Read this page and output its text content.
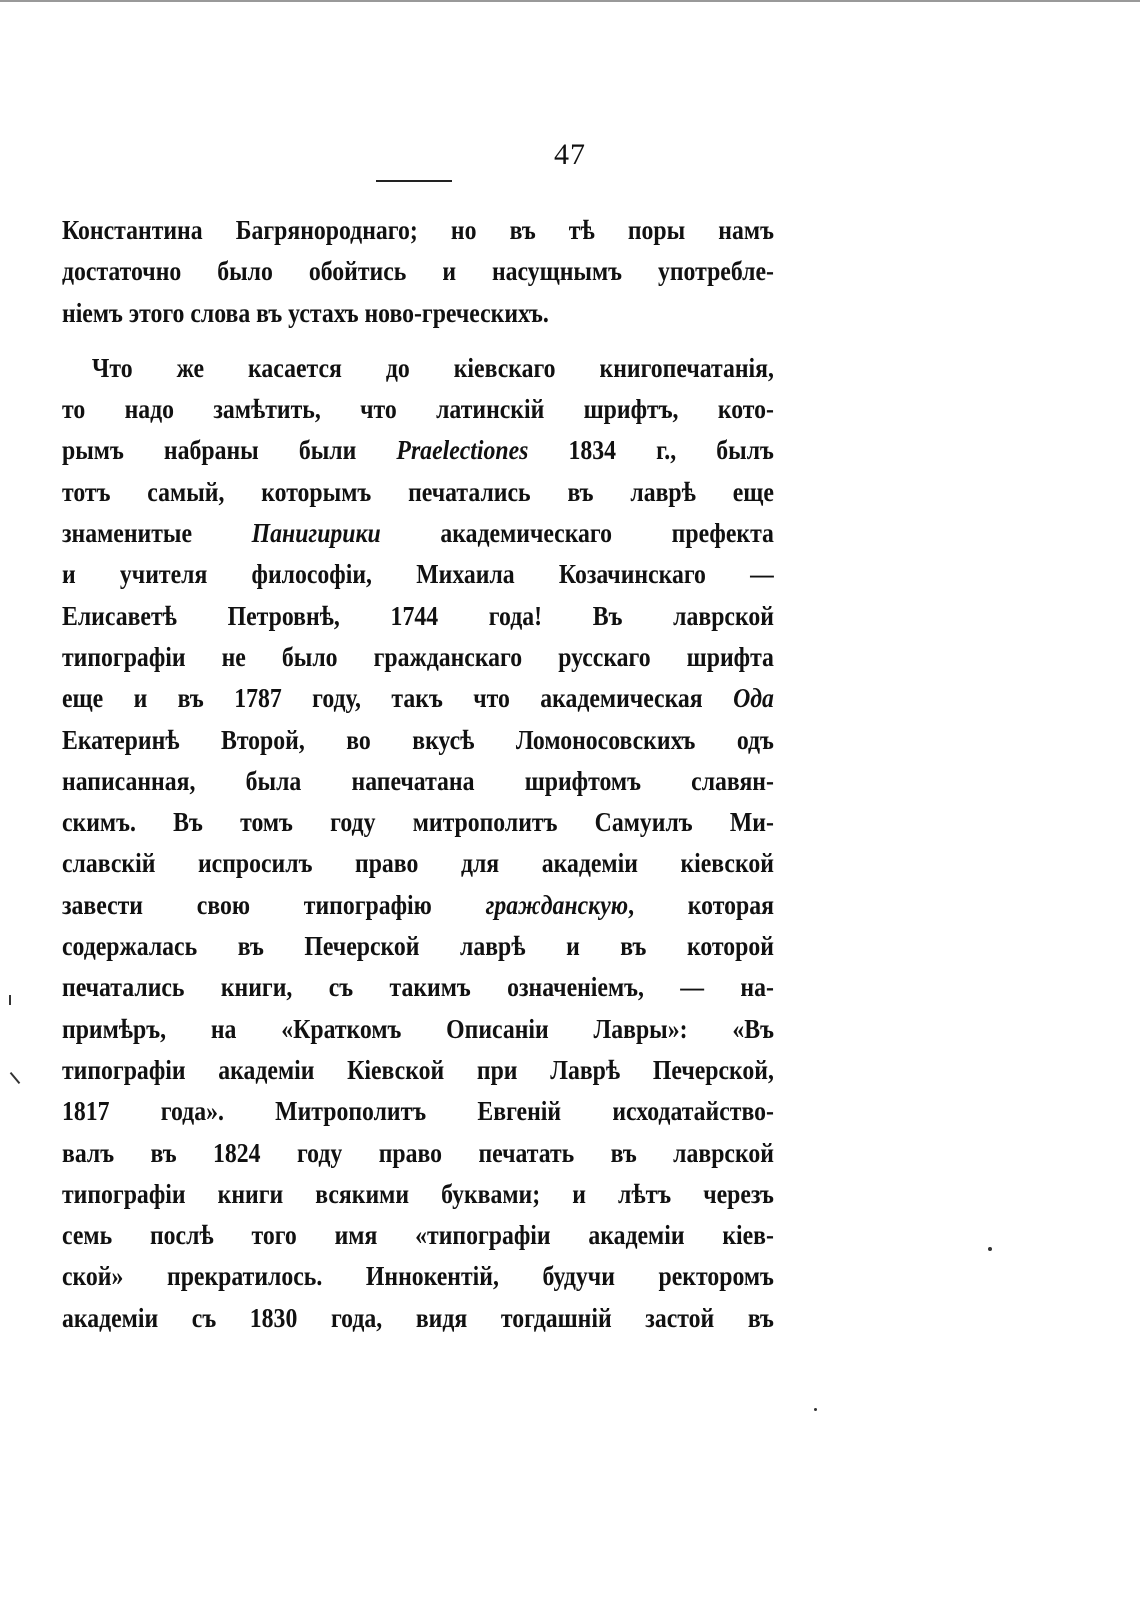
47
Константина Багрянороднаго; но въ тѣ поры намъ
достаточно было обойтись и насущнымъ употребле-
ніемъ этого слова въ устахъ ново-греческихъ.
Что же касается до кіевскаго книгопечатанія,
то надо замѣтить, что латинскій шрифтъ, кото-
рымъ набраны были Praelectiones 1834 г., былъ
тотъ самый, которымъ печатались въ лаврѣ еще
знаменитые Панигирики академическаго префекта
и учителя философіи, Михаила Козачинскаго —
Елисаветѣ Петровнѣ, 1744 года! Въ лаврской
типографіи не было гражданскаго русскаго шрифта
еще и въ 1787 году, такъ что академическая Ода
Екатеринѣ Второй, во вкусѣ Ломоносовскихъ одъ
написанная, была напечатана шрифтомъ славян-
скимъ. Въ томъ году митрополитъ Самуилъ Ми-
славскій испросилъ право для академіи кіевской
завести свою типографію гражданскую, которая
содержалась въ Печерской лаврѣ и въ которой
печатались книги, съ такимъ означеніемъ, — на-
примѣръ, на «Краткомъ Описаніи Лавры»: «Въ
типографіи академіи Кіевской при Лаврѣ Печерской,
1817 года». Митрополитъ Евгеній исходатайство-
валъ въ 1824 году право печатать въ лаврской
типографіи книги всякими буквами; и лѣтъ черезъ
семь послѣ того имя «типографіи академіи кіев-
ской» прекратилось. Иннокентій, будучи ректоромъ
академіи съ 1830 года, видя тогдашній застой въ
